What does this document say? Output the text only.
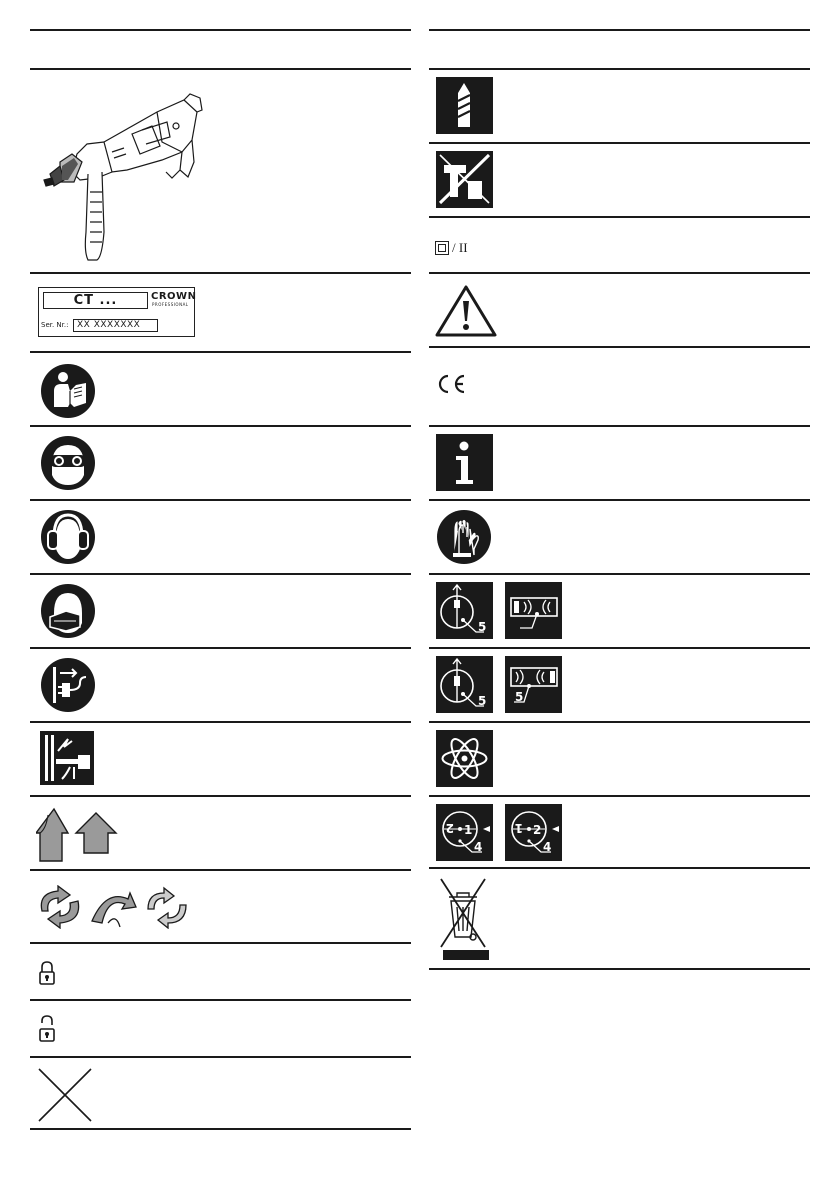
CT ...	CROWN
PROFESSIONAL
Ser. Nr.: XX XXXXXXX
/ II
5
5 5
2 1
4
1 2
4
